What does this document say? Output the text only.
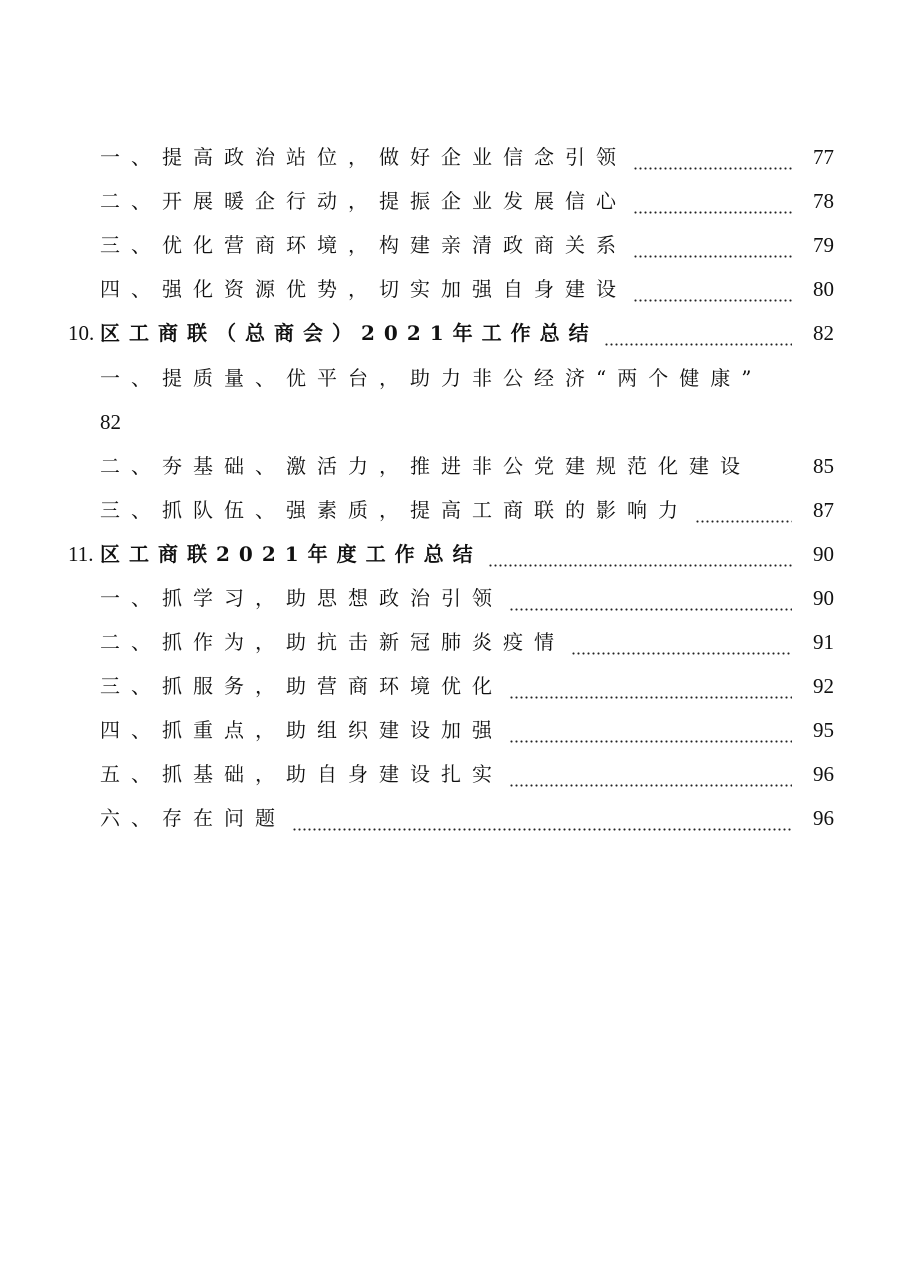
一、提高政治站位，做好企业信念引领	77
二、开展暖企行动，提振企业发展信心	78
三、优化营商环境，构建亲清政商关系	79
四、强化资源优势，切实加强自身建设	80
10. 区工商联（总商会）2021年工作总结	82
一、提质量、优平台，助力非公经济“两个健康”
82
二、夯基础、激活力，推进非公党建规范化建设	85
三、抓队伍、强素质，提高工商联的影响力	87
11. 区工商联2021年度工作总结	90
一、抓学习，助思想政治引领	90
二、抓作为，助抗击新冠肺炎疫情	91
三、抓服务，助营商环境优化	92
四、抓重点，助组织建设加强	95
五、抓基础，助自身建设扎实	96
六、存在问题	96
